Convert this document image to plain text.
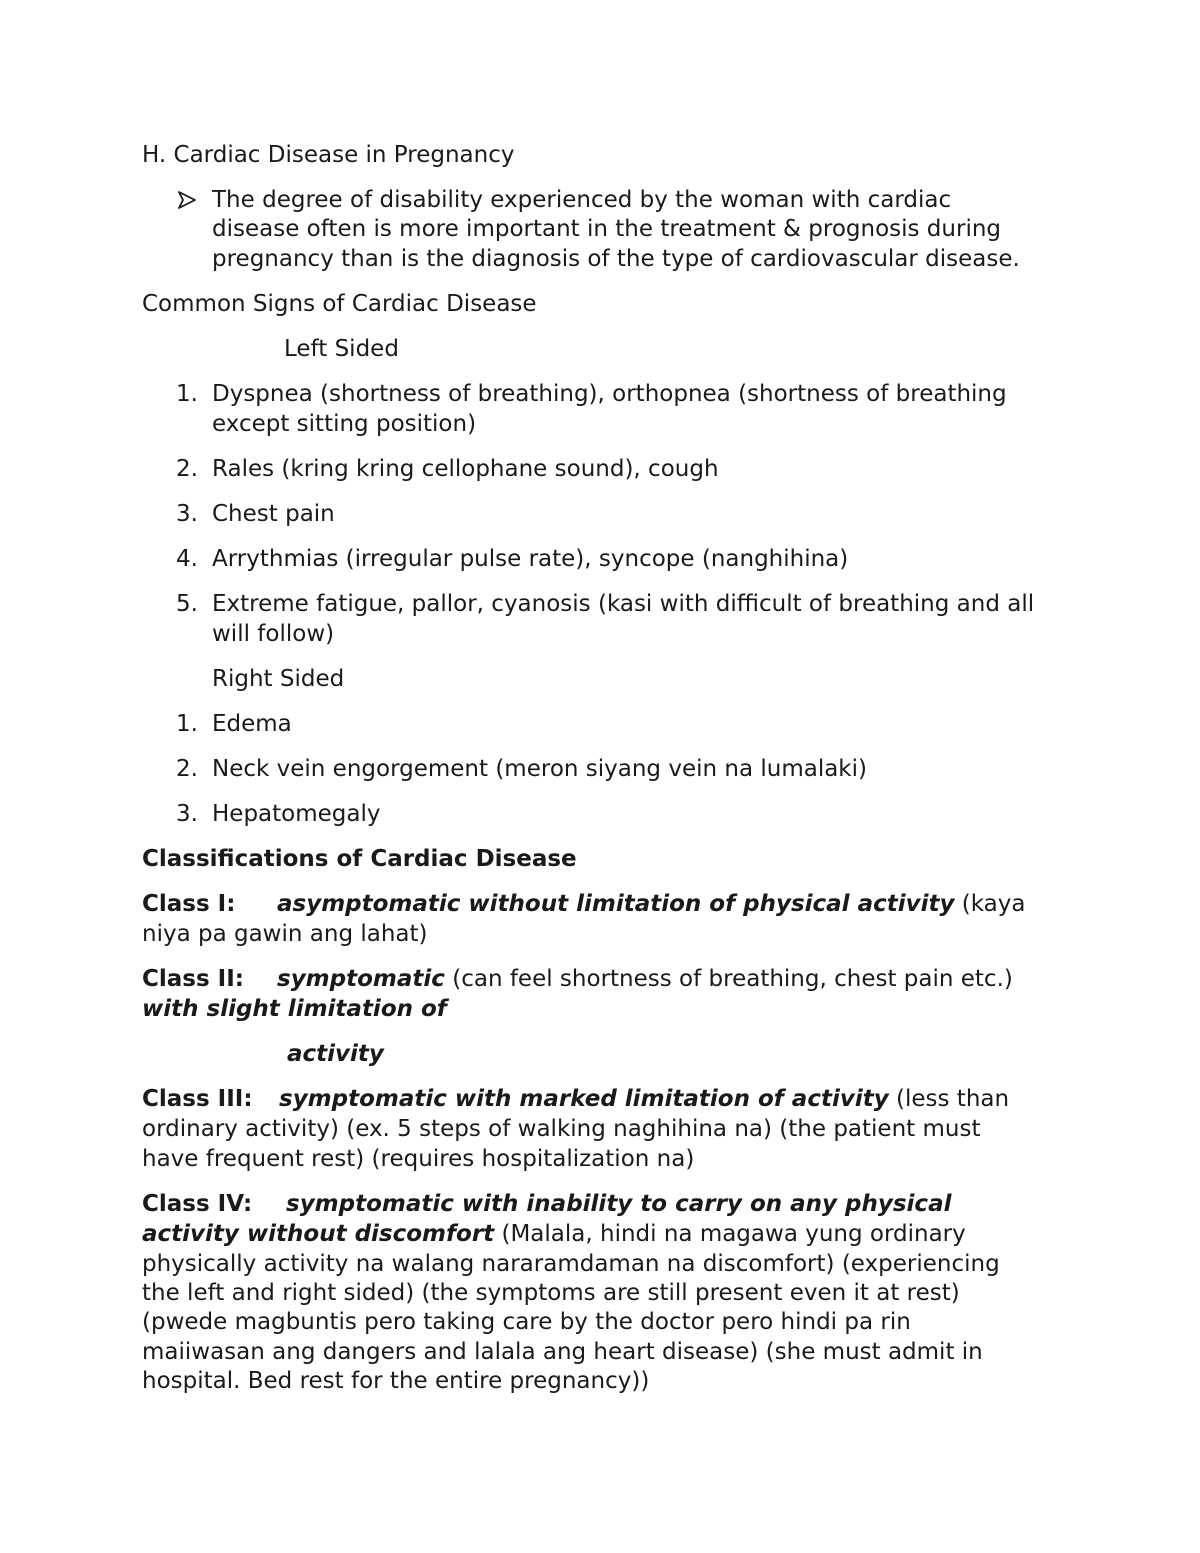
H. Cardiac Disease in Pregnancy
The degree of disability experienced by the woman with cardiac
disease often is more important in the treatment & prognosis during
pregnancy than is the diagnosis of the type of cardiovascular disease.
Common Signs of Cardiac Disease
Left Sided
1. Dyspnea (shortness of breathing), orthopnea (shortness of breathing
except sitting position)
2. Rales (kring kring cellophane sound), cough
3. Chest pain
4. Arrythmias (irregular pulse rate), syncope (nanghihina)
5. Extreme fatigue, pallor, cyanosis (kasi with difficult of breathing and all
will follow)
Right Sided
1. Edema
2. Neck vein engorgement (meron siyang vein na lumalaki)
3. Hepatomegaly
Classifications of Cardiac Disease
Class I: asymptomatic without limitation of physical activity (kaya
niya pa gawin ang lahat)
Class II: symptomatic (can feel shortness of breathing, chest pain etc.)
with slight limitation of
activity
Class III: symptomatic with marked limitation of activity (less than
ordinary activity) (ex. 5 steps of walking naghihina na) (the patient must
have frequent rest) (requires hospitalization na)
Class IV: symptomatic with inability to carry on any physical
activity without discomfort (Malala, hindi na magawa yung ordinary
physically activity na walang nararamdaman na discomfort) (experiencing
the left and right sided) (the symptoms are still present even it at rest)
(pwede magbuntis pero taking care by the doctor pero hindi pa rin
maiiwasan ang dangers and lalala ang heart disease) (she must admit in
hospital. Bed rest for the entire pregnancy))
